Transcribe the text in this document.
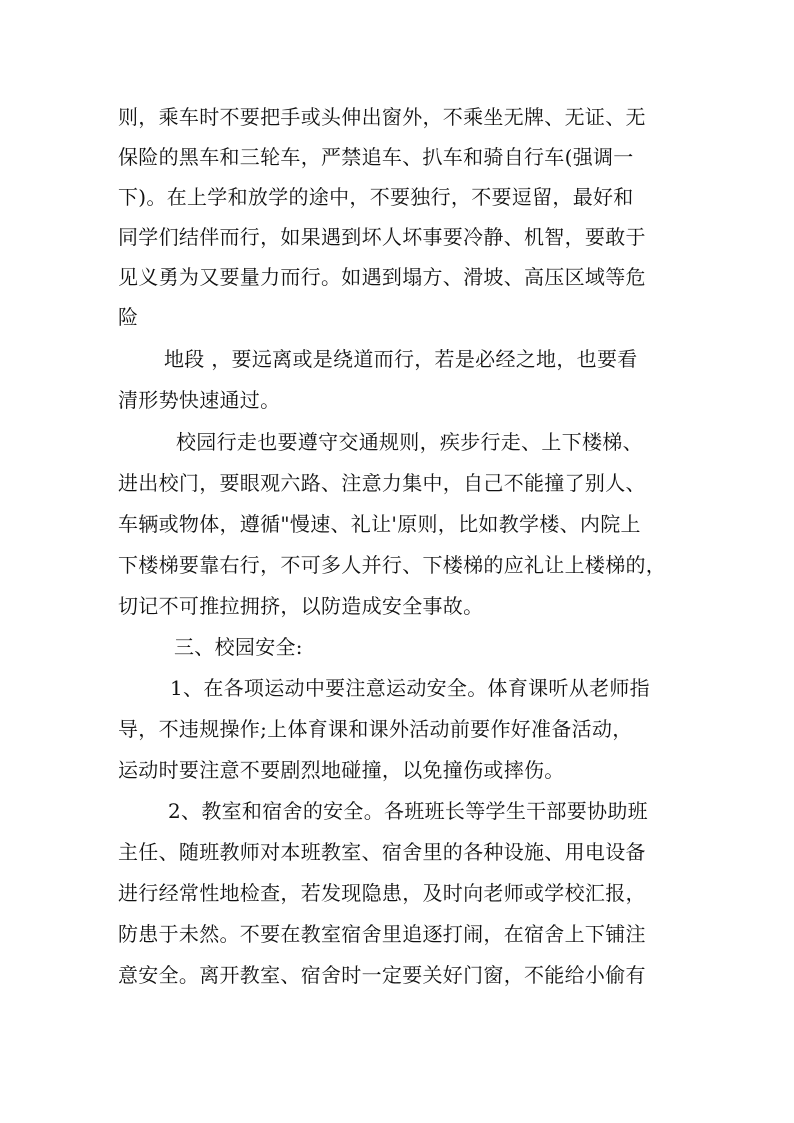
则，乘车时不要把手或头伸出窗外，不乘坐无牌、无证、无
保险的黑车和三轮车，严禁追车、扒车和骑自行车(强调一
下)。在上学和放学的途中，不要独行，不要逗留，最好和
同学们结伴而行，如果遇到坏人坏事要冷静、机智，要敢于
见义勇为又要量力而行。如遇到塌方、滑坡、高压区域等危
险
地段 ，要远离或是绕道而行，若是必经之地，也要看
清形势快速通过。
校园行走也要遵守交通规则，疾步行走、上下楼梯、
进出校门，要眼观六路、注意力集中，自己不能撞了别人、
车辆或物体，遵循"慢速、礼让'原则，比如教学楼、内院上
下楼梯要靠右行，不可多人并行、下楼梯的应礼让上楼梯的，
切记不可推拉拥挤，以防造成安全事故。
三、校园安全:
1、在各项运动中要注意运动安全。体育课听从老师指
导，不违规操作;上体育课和课外活动前要作好准备活动，
运动时要注意不要剧烈地碰撞，以免撞伤或摔伤。
2、教室和宿舍的安全。各班班长等学生干部要协助班
主任、随班教师对本班教室、宿舍里的各种设施、用电设备
进行经常性地检查，若发现隐患，及时向老师或学校汇报，
防患于未然。不要在教室宿舍里追逐打闹，在宿舍上下铺注
意安全。离开教室、宿舍时一定要关好门窗，不能给小偷有
